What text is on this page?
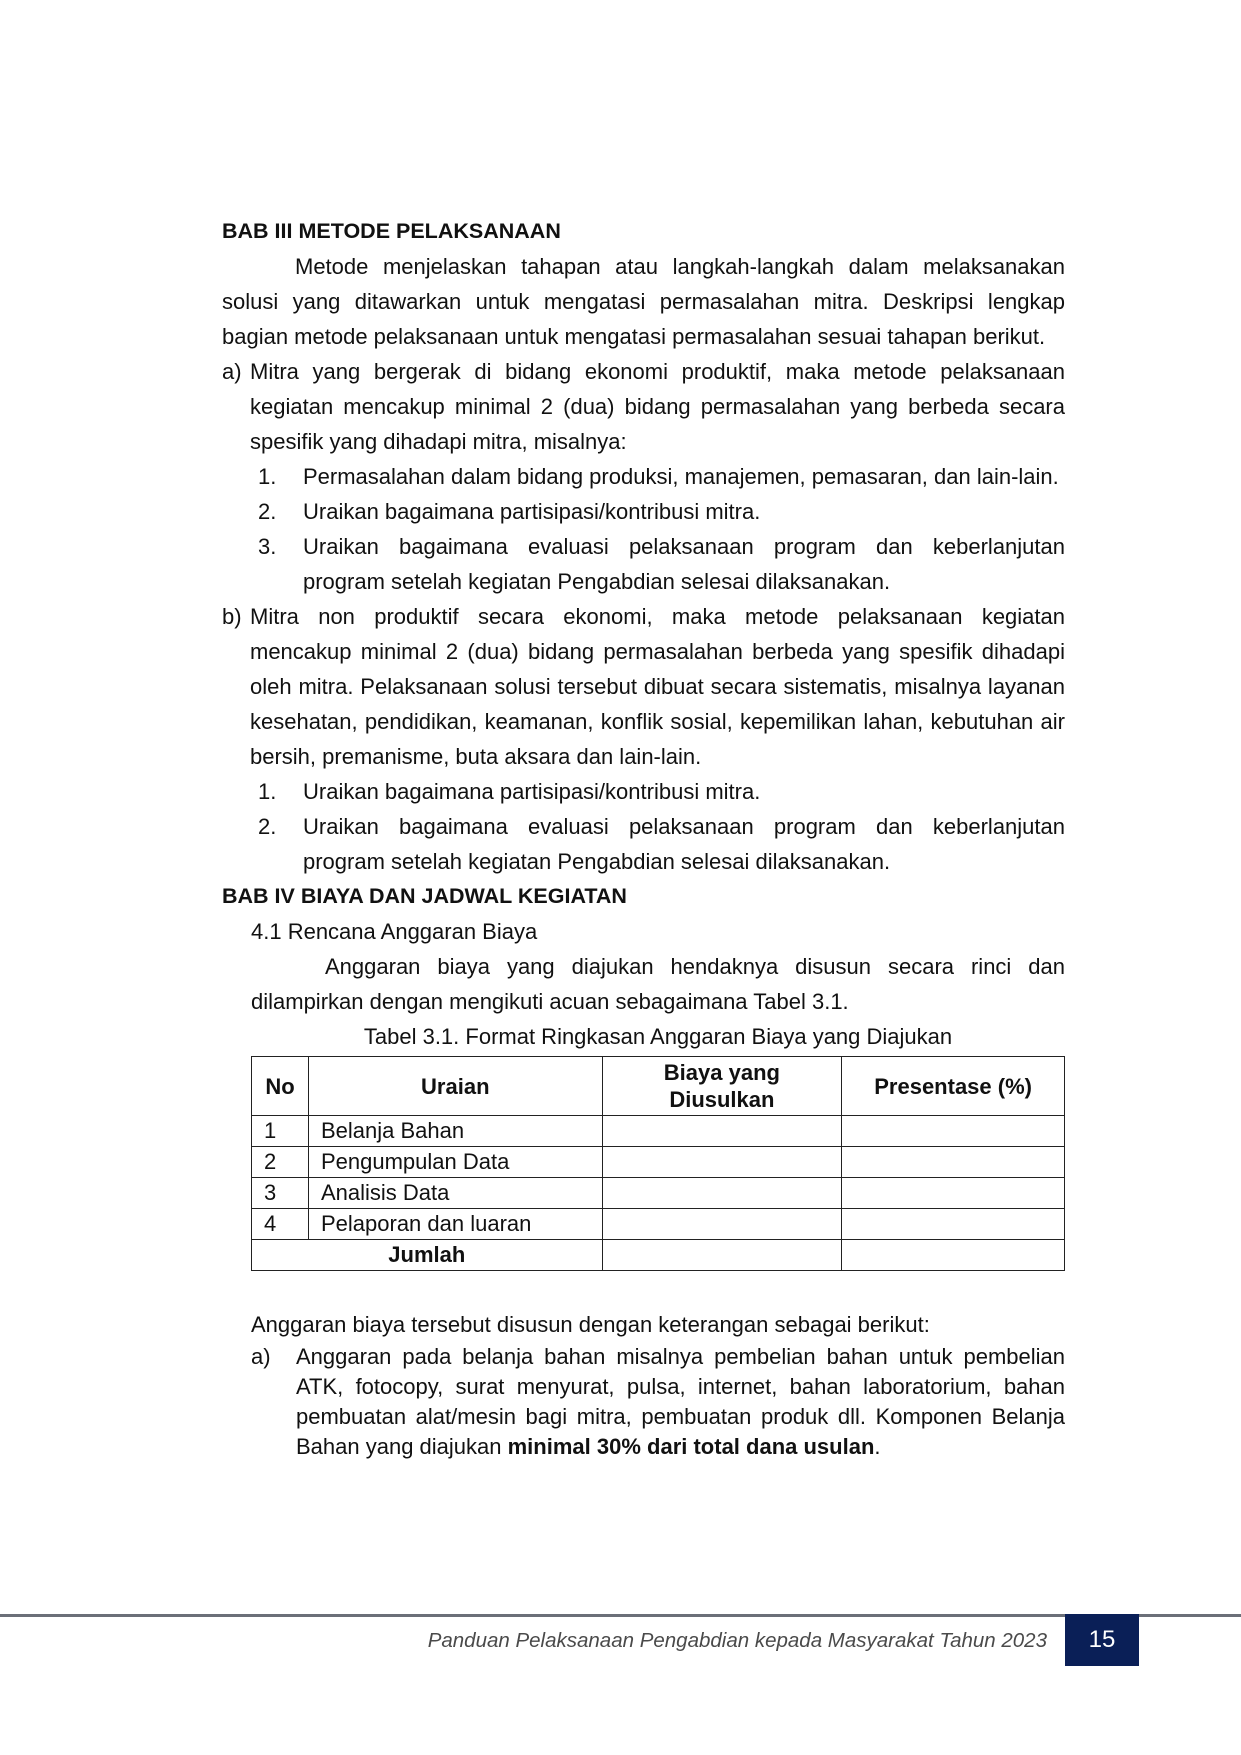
BAB III METODE PELAKSANAAN
Metode menjelaskan tahapan atau langkah-langkah dalam melaksanakan solusi yang ditawarkan untuk mengatasi permasalahan mitra. Deskripsi lengkap bagian metode pelaksanaan untuk mengatasi permasalahan sesuai tahapan berikut.
a) Mitra yang bergerak di bidang ekonomi produktif, maka metode pelaksanaan kegiatan mencakup minimal 2 (dua) bidang permasalahan yang berbeda secara spesifik yang dihadapi mitra, misalnya:
1.	Permasalahan dalam bidang produksi, manajemen, pemasaran, dan lain-lain.
2.	Uraikan bagaimana partisipasi/kontribusi mitra.
3.	Uraikan bagaimana evaluasi pelaksanaan program dan keberlanjutan program setelah kegiatan Pengabdian selesai dilaksanakan.
b) Mitra non produktif secara ekonomi, maka metode pelaksanaan kegiatan mencakup minimal 2 (dua) bidang permasalahan berbeda yang spesifik dihadapi oleh mitra. Pelaksanaan solusi tersebut dibuat secara sistematis, misalnya layanan kesehatan, pendidikan, keamanan, konflik sosial, kepemilikan lahan, kebutuhan air bersih, premanisme, buta aksara dan lain-lain.
1.	Uraikan bagaimana partisipasi/kontribusi mitra.
2.	Uraikan bagaimana evaluasi pelaksanaan program dan keberlanjutan program setelah kegiatan Pengabdian selesai dilaksanakan.
BAB IV BIAYA DAN JADWAL KEGIATAN
4.1 Rencana Anggaran Biaya
Anggaran biaya yang diajukan hendaknya disusun secara rinci dan dilampirkan dengan mengikuti acuan sebagaimana Tabel 3.1.
Tabel 3.1. Format Ringkasan Anggaran Biaya yang Diajukan
No	Uraian	Biaya yang Diusulkan	Presentase (%)
1	Belanja Bahan		
2	Pengumpulan Data		
3	Analisis Data		
4	Pelaporan dan luaran		
Jumlah			
Anggaran biaya tersebut disusun dengan keterangan sebagai berikut:
a)	Anggaran pada belanja bahan misalnya pembelian bahan untuk pembelian ATK, fotocopy, surat menyurat, pulsa, internet, bahan laboratorium, bahan pembuatan alat/mesin bagi mitra, pembuatan produk dll. Komponen Belanja Bahan yang diajukan minimal 30% dari total dana usulan.
Panduan Pelaksanaan Pengabdian kepada Masyarakat Tahun 2023	15
